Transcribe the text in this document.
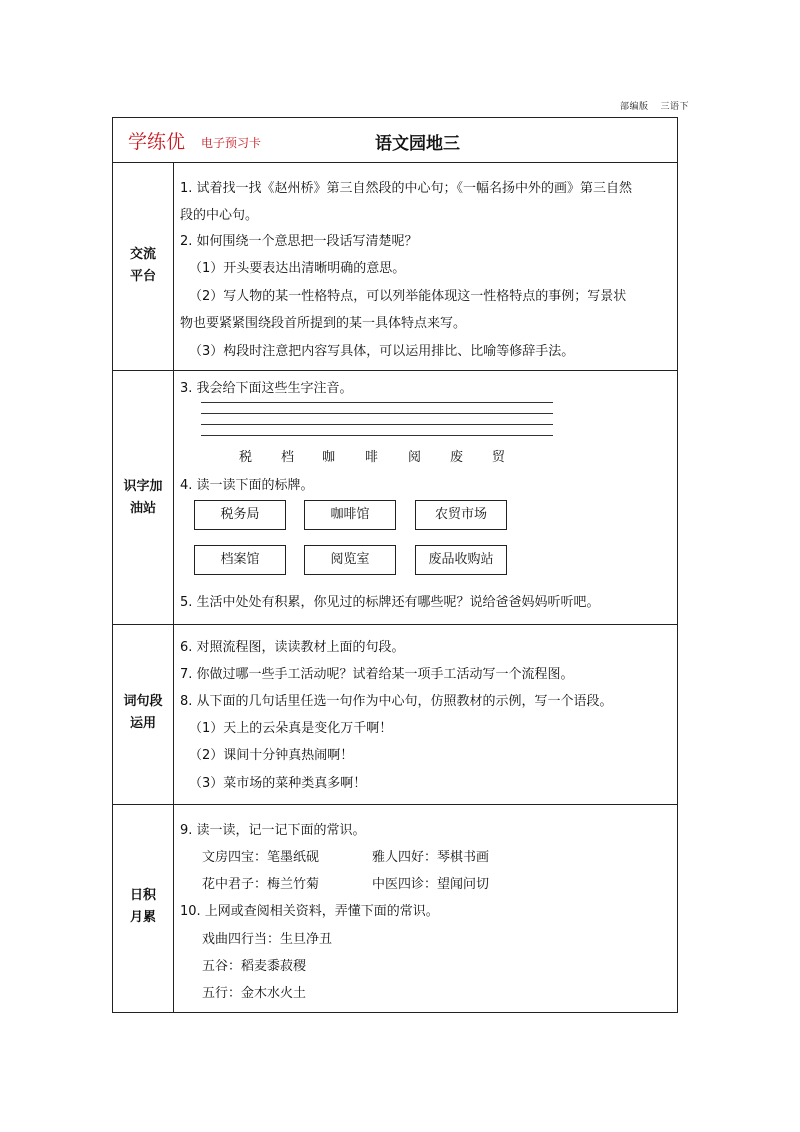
部编版 三语下
学练优 电子预习卡	语文园地三
交流
平台
1. 试着找一找《赵州桥》第三自然段的中心句；《一幅名扬中外的画》第三自然
段的中心句。
2. 如何围绕一个意思把一段话写清楚呢？
（1）开头要表达出清晰明确的意思。
（2）写人物的某一性格特点，可以列举能体现这一性格特点的事例；写景状
物也要紧紧围绕段首所提到的某一具体特点来写。
（3）构段时注意把内容写具体，可以运用排比、比喻等修辞手法。
识字加
油站
3. 我会给下面这些生字注音。
税 档 咖 啡 阅 废 贸
4. 读一读下面的标牌。
税务局	咖啡馆	农贸市场
档案馆	阅览室	废品收购站
5. 生活中处处有积累，你见过的标牌还有哪些呢？说给爸爸妈妈听听吧。
词句段
运用
6. 对照流程图，读读教材上面的句段。
7. 你做过哪一些手工活动呢？试着给某一项手工活动写一个流程图。
8. 从下面的几句话里任选一句作为中心句，仿照教材的示例，写一个语段。
（1）天上的云朵真是变化万千啊！
（2）课间十分钟真热闹啊！
（3）菜市场的菜种类真多啊！
日积
月累
9. 读一读，记一记下面的常识。
文房四宝：笔墨纸砚	雅人四好：琴棋书画
花中君子：梅兰竹菊	中医四诊：望闻问切
10. 上网或查阅相关资料，弄懂下面的常识。
戏曲四行当：生旦净丑
五谷：稻麦黍菽稷
五行：金木水火土
